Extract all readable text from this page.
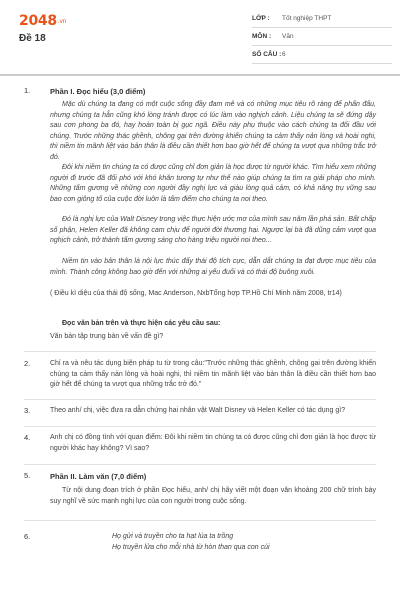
2048.vn
Đề 18
LỚP :	Tốt nghiệp THPT
MÔN :	Văn
SỐ CÂU : 6
1.	Phần I. Đọc hiểu (3,0 điểm)
Mặc dù chúng ta đang có một cuộc sống đầy đam mê và có những mục tiêu rõ ràng để phấn đấu, nhưng chúng ta hẳn cũng khó lòng tránh được có lúc làm vào nghịch cảnh. Liệu chúng ta sẽ đứng dậy sau cơn phong ba đó, hay hoàn toàn bị gục ngã. Điều này phụ thuộc vào cách chúng ta đối đầu với chúng. Trước những thác ghềnh, chông gai trên đường khiến chúng ta cảm thấy nản lòng và hoài nghi, thì niềm tin mãnh liệt vào bản thân là điều cần thiết hơn bao giờ hết để chúng ta vượt qua những trắc trở đó.
Đôi khi niềm tin chúng ta có được cũng chỉ đơn giản là học được từ người khác. Tìm hiểu xem những người đi trước đã đối phó với khó khăn tương tự như thế nào giúp chúng ta tìm ra giải pháp cho mình. Những tấm gương về những con người đầy nghị lực và giàu lòng quả cảm, có khả năng trụ vững sau bao cơn giông tố của cuộc đời luôn là tấm điểm cho chúng ta noi theo.
Đó là nghị lực của Walt Disney trong việc thực hiện ước mơ của mình sau năm lần phá sản. Bất chấp số phận, Helen Keller đã không cam chịu để người đời thương hại. Ngược lại bà đã dũng cảm vượt qua nghịch cảnh, trở thành tấm gương sáng cho hàng triệu người noi theo...
Niềm tin vào bản thân là nội lực thúc đẩy thái độ tích cực, dẫn dắt chúng ta đạt được mục tiêu của mình. Thành công không bao giờ đến với những ai yếu đuối và có thái độ buông xuôi.
( Điều kì diệu của thái độ sống, Mac Anderson, NxbTổng hợp TP.Hồ Chí Minh năm 2008, tr14)
Đọc văn bản trên và thực hiện các yêu cầu sau:
Văn bản tập trung bàn về vấn đề gì?
2.	Chỉ ra và nêu tác dụng biện pháp tu từ trong câu:"Trước những thác ghềnh, chông gai trên đường khiến chúng ta cảm thấy nản lòng và hoài nghi, thì niềm tin mãnh liệt vào bản thân là điều cần thiết hơn bao giờ hết để chúng ta vượt qua những trắc trở đó."
3.	Theo anh/ chị, việc đưa ra dẫn chứng hai nhân vật Walt Disney và Helen Keller có tác dụng gì?
4.	Anh chị có đồng tình với quan điểm: Đôi khi niềm tin chúng ta có được cũng chỉ đơn giản là học được từ người khác hay không? Vì sao?
5.	Phần II. Làm văn (7,0 điểm)
Từ nội dung đoạn trích ở phần Đọc hiểu, anh/ chị hãy viết một đoạn văn khoảng 200 chữ trình bày suy nghĩ về sức mạnh nghị lực của con người trong cuộc sống.
6.	Họ gửi và truyền cho ta hạt lúa ta trồng
Họ truyền lửa cho mỗi nhà từ hòn than qua con cúi
